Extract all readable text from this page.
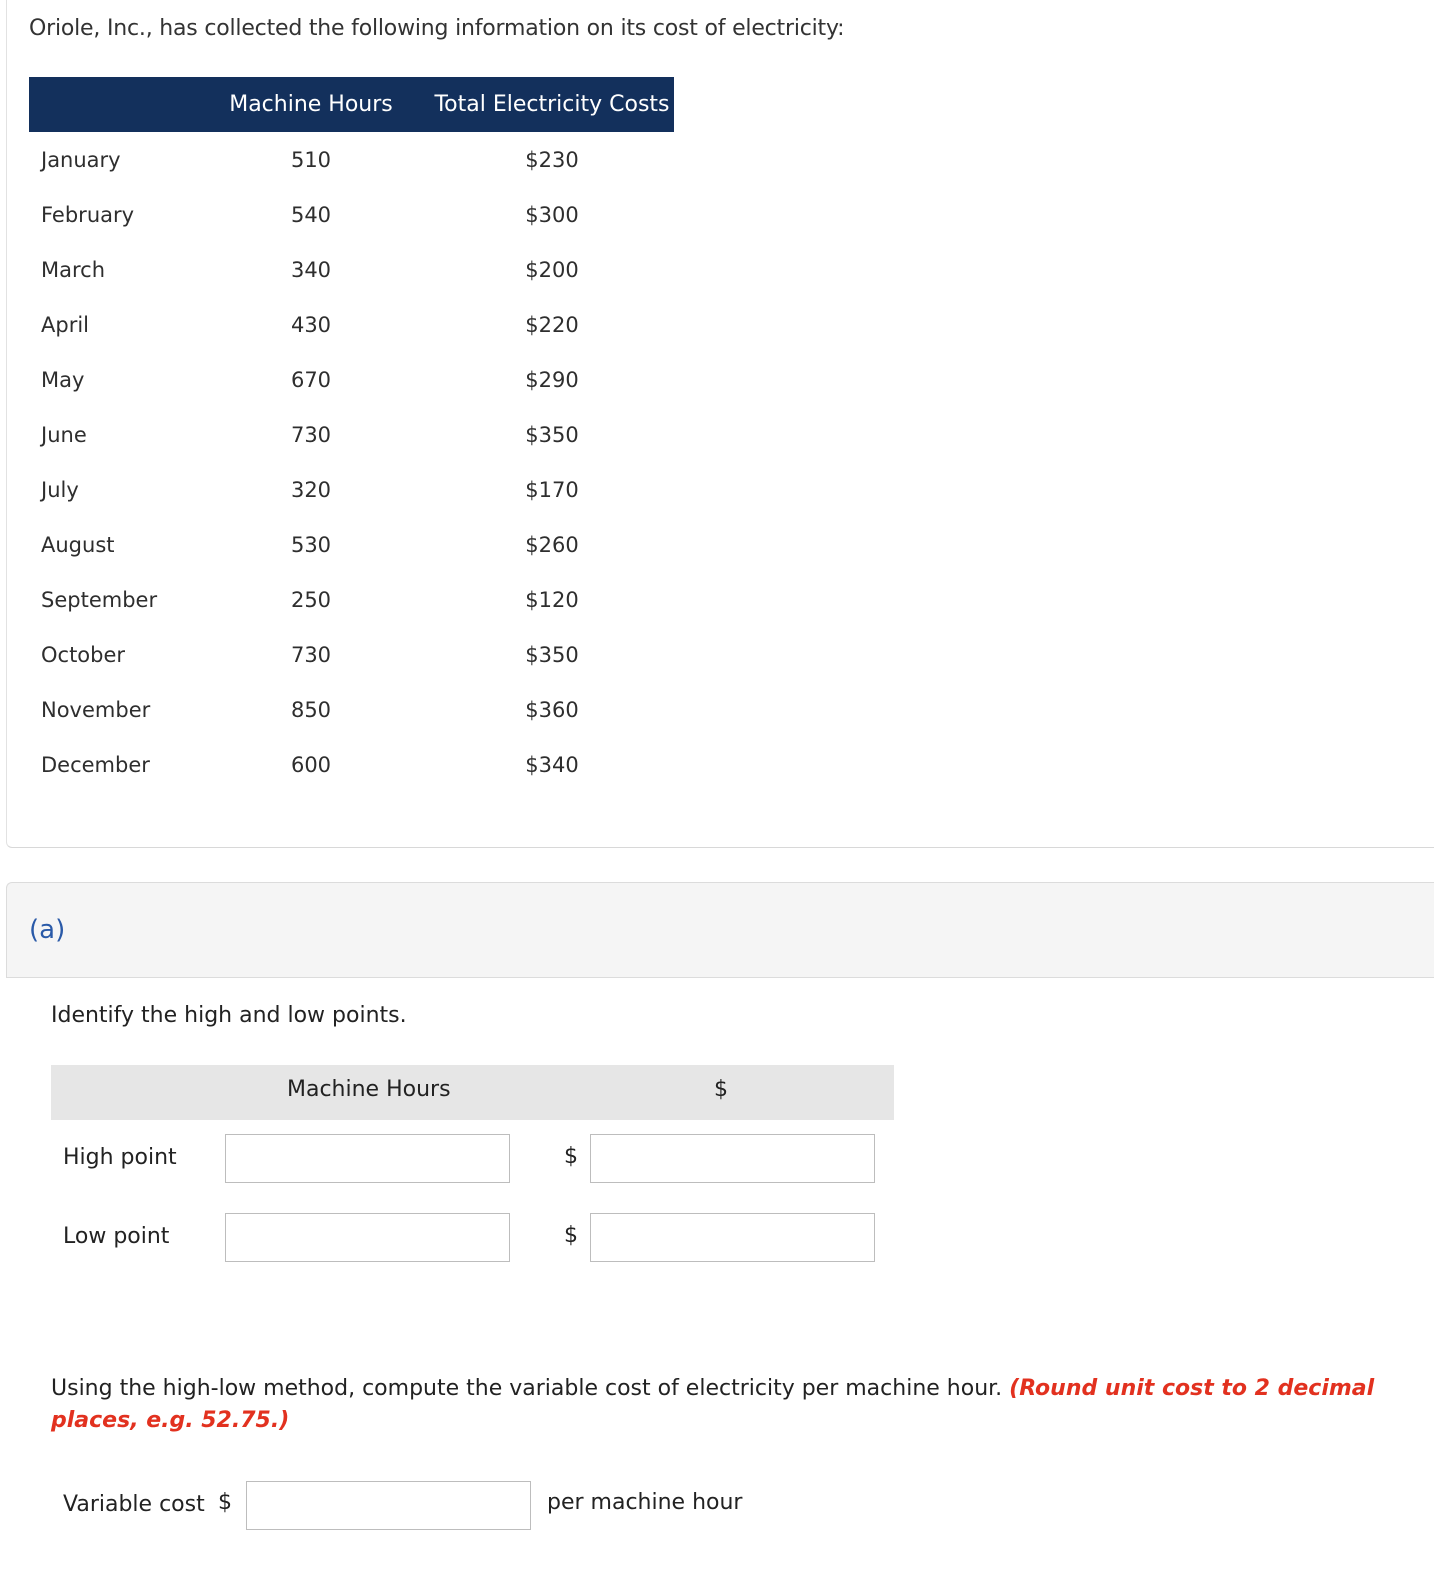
Oriole, Inc., has collected the following information on its cost of electricity:
	Machine Hours	Total Electricity Costs
January	510	$230
February	540	$300
March	340	$200
April	430	$220
May	670	$290
June	730	$350
July	320	$170
August	530	$260
September	250	$120
October	730	$350
November	850	$360
December	600	$340
(a)
Identify the high and low points.
Machine Hours	$
High point	$
Low point	$
Using the high-low method, compute the variable cost of electricity per machine hour. (Round unit cost to 2 decimal places, e.g. 52.75.)
Variable cost $	per machine hour
